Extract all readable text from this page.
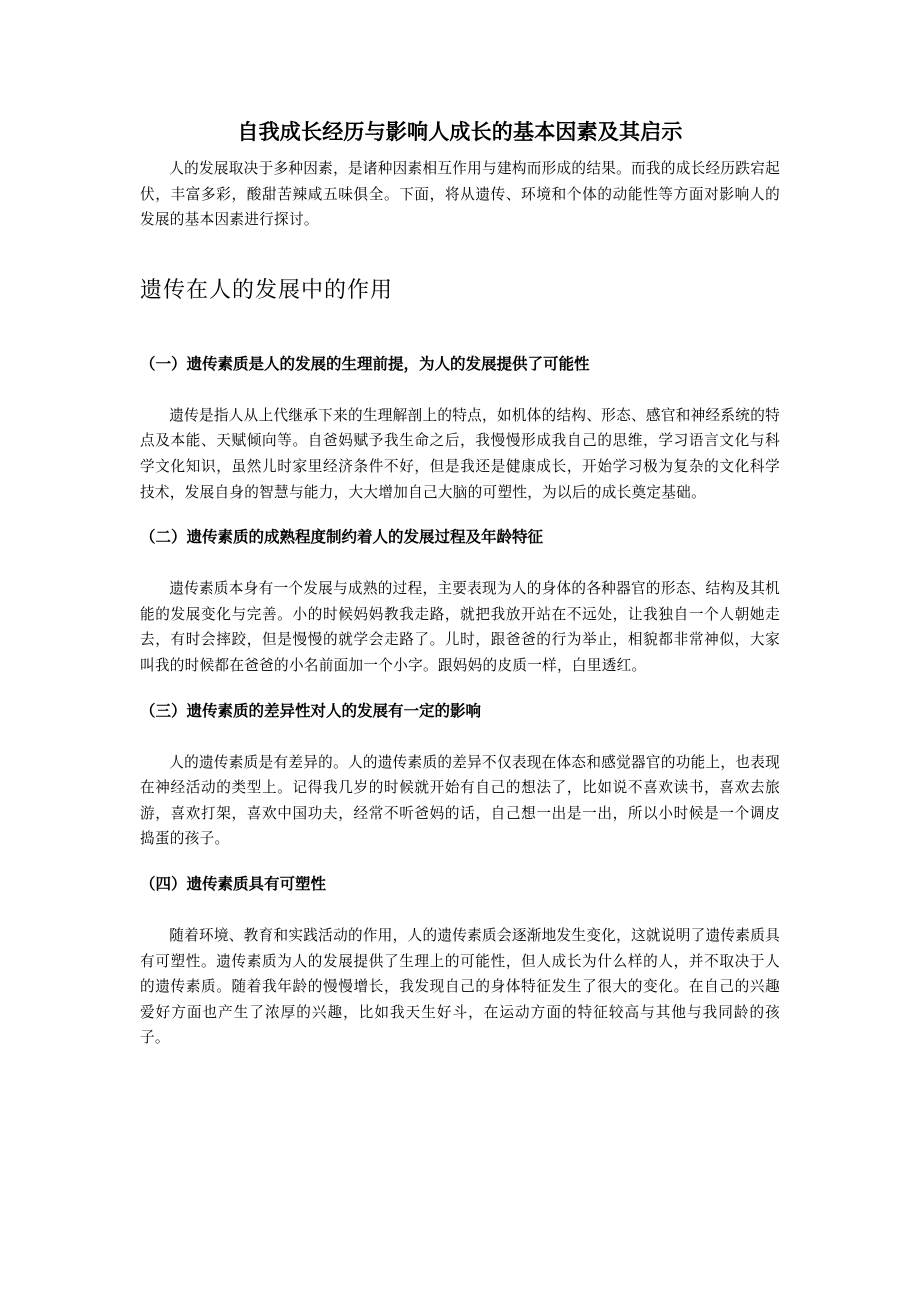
自我成长经历与影响人成长的基本因素及其启示

人的发展取决于多种因素，是诸种因素相互作用与建构而形成的结果。而我的成长经历跌宕起伏，丰富多彩，酸甜苦辣咸五味俱全。下面，将从遗传、环境和个体的动能性等方面对影响人的发展的基本因素进行探讨。

遗传在人的发展中的作用
（一）遗传素质是人的发展的生理前提，为人的发展提供了可能性

遗传是指人从上代继承下来的生理解剖上的特点，如机体的结构、形态、感官和神经系统的特点及本能、天赋倾向等。自爸妈赋予我生命之后，我慢慢形成我自己的思维，学习语言文化与科学文化知识，虽然儿时家里经济条件不好，但是我还是健康成长，开始学习极为复杂的文化科学技术，发展自身的智慧与能力，大大增加自己大脑的可塑性，为以后的成长奠定基础。

（二）遗传素质的成熟程度制约着人的发展过程及年龄特征

遗传素质本身有一个发展与成熟的过程，主要表现为人的身体的各种器官的形态、结构及其机能的发展变化与完善。小的时候妈妈教我走路，就把我放开站在不远处，让我独自一个人朝她走去，有时会摔跤，但是慢慢的就学会走路了。儿时，跟爸爸的行为举止，相貌都非常神似，大家叫我的时候都在爸爸的小名前面加一个小字。跟妈妈的皮质一样，白里透红。

（三）遗传素质的差异性对人的发展有一定的影响

人的遗传素质是有差异的。人的遗传素质的差异不仅表现在体态和感觉器官的功能上，也表现在神经活动的类型上。记得我几岁的时候就开始有自己的想法了，比如说不喜欢读书，喜欢去旅游，喜欢打架，喜欢中国功夫，经常不听爸妈的话，自己想一出是一出，所以小时候是一个调皮捣蛋的孩子。

（四）遗传素质具有可塑性

随着环境、教育和实践活动的作用，人的遗传素质会逐渐地发生变化，这就说明了遗传素质具有可塑性。遗传素质为人的发展提供了生理上的可能性，但人成长为什么样的人，并不取决于人的遗传素质。随着我年龄的慢慢增长，我发现自己的身体特征发生了很大的变化。在自己的兴趣爱好方面也产生了浓厚的兴趣，比如我天生好斗，在运动方面的特征较高与其他与我同龄的孩子。
